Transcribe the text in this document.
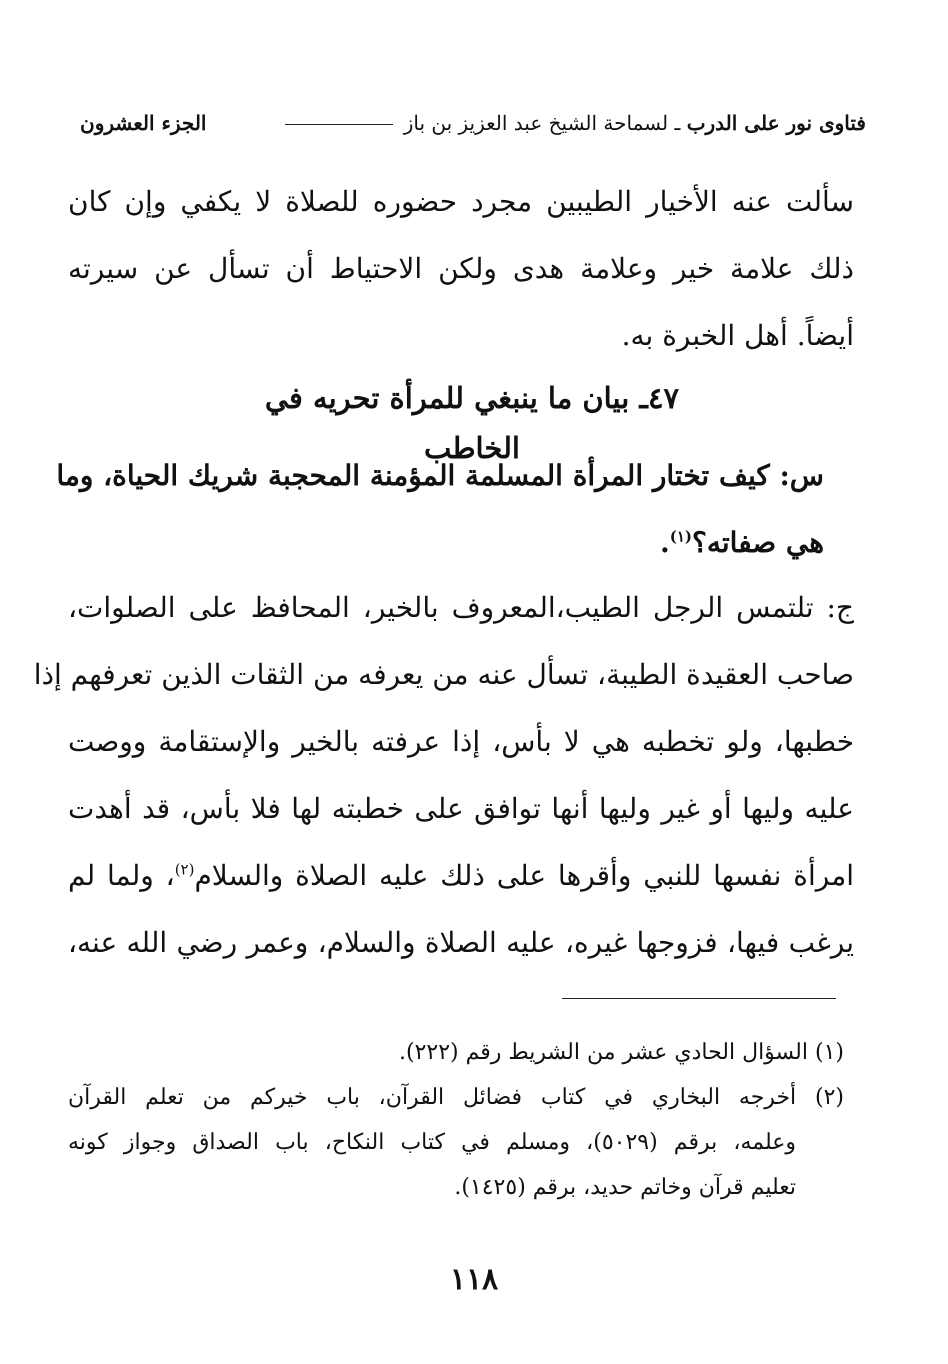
فتاوى نور على الدرب ـ لسماحة الشيخ عبد العزيز بن باز
الجزء العشرون
سألت عنه الأخيار الطيبين مجرد حضوره للصلاة لا يكفي وإن كان
ذلك علامة خير وعلامة هدى ولكن الاحتياط أن تسأل عن سيرته
أيضاً. أهل الخبرة به.
٤٧ـ بيان ما ينبغي للمرأة تحريه في الخاطب
س: كيف تختار المرأة المسلمة المؤمنة المحجبة شريك الحياة، وما
هي صفاته؟$^{(١)}$.
ج: تلتمس الرجل الطيب،المعروف بالخير، المحافظ على الصلوات،
صاحب العقيدة الطيبة، تسأل عنه من يعرفه من الثقات الذين تعرفهم إذا
خطبها، ولو تخطبه هي لا بأس، إذا عرفته بالخير والإستقامة ووصت
عليه وليها أو غير وليها أنها توافق على خطبته لها فلا بأس، قد أهدت
امرأة نفسها للنبي وأقرها على ذلك عليه الصلاة والسلام$^{(٢)}$، ولما لم
يرغب فيها، فزوجها غيره، عليه الصلاة والسلام، وعمر رضي الله عنه،
(١) السؤال الحادي عشر من الشريط رقم (٢٢٢).
(٢) أخرجه البخاري في كتاب فضائل القرآن، باب خيركم من تعلم القرآن
وعلمه، برقم (٥٠٢٩)، ومسلم في كتاب النكاح، باب الصداق وجواز كونه
تعليم قرآن وخاتم حديد، برقم (١٤٢٥).
١١٨
